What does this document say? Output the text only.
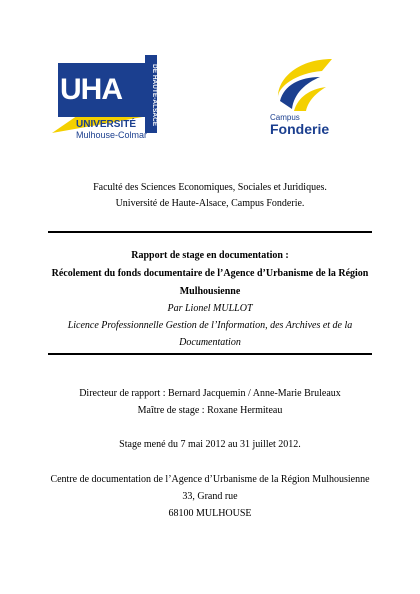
UHA	DE HAUTE-ALSACE
UNIVERSITÉ
Mulhouse-Colmar
Campus
Fonderie
Faculté des Sciences Economiques, Sociales et Juridiques.
Université de Haute-Alsace, Campus Fonderie.
Rapport de stage en documentation :
Récolement du fonds documentaire de l’Agence d’Urbanisme de la Région
Mulhousienne
Par Lionel MULLOT
Licence Professionnelle Gestion de l’Information, des Archives et de la
Documentation
Directeur de rapport : Bernard Jacquemin / Anne-Marie Bruleaux
Maître de stage : Roxane Hermiteau
Stage mené du 7 mai 2012 au 31 juillet 2012.
Centre de documentation de l’Agence d’Urbanisme de la Région Mulhousienne
33, Grand rue
68100 MULHOUSE
